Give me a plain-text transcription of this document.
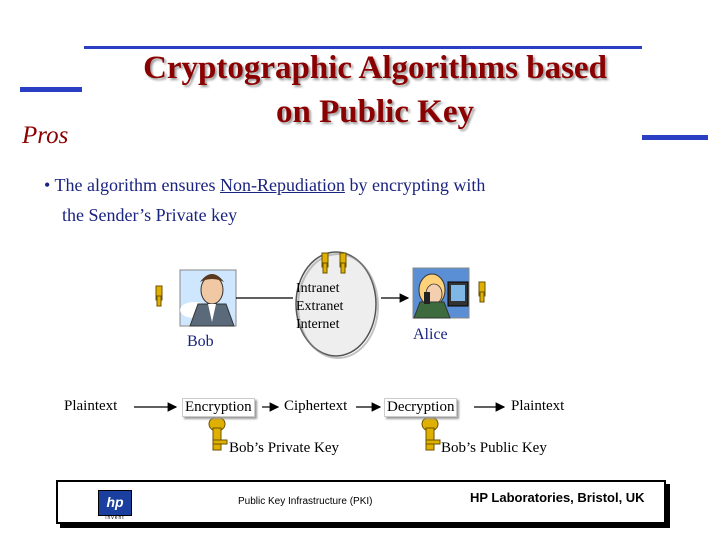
Cryptographic Algorithms based
on Public Key
Pros
• The algorithm ensures Non-Repudiation by encrypting with
the Sender’s Private key
Intranet
Extranet
Internet
Bob	Alice
Plaintext	Encryption Ciphertext	Decryption	Plaintext
Bob’s Private Key	Bob’s Public Key
hp
invent
Public Key Infrastructure (PKI)	HP Laboratories, Bristol, UK
